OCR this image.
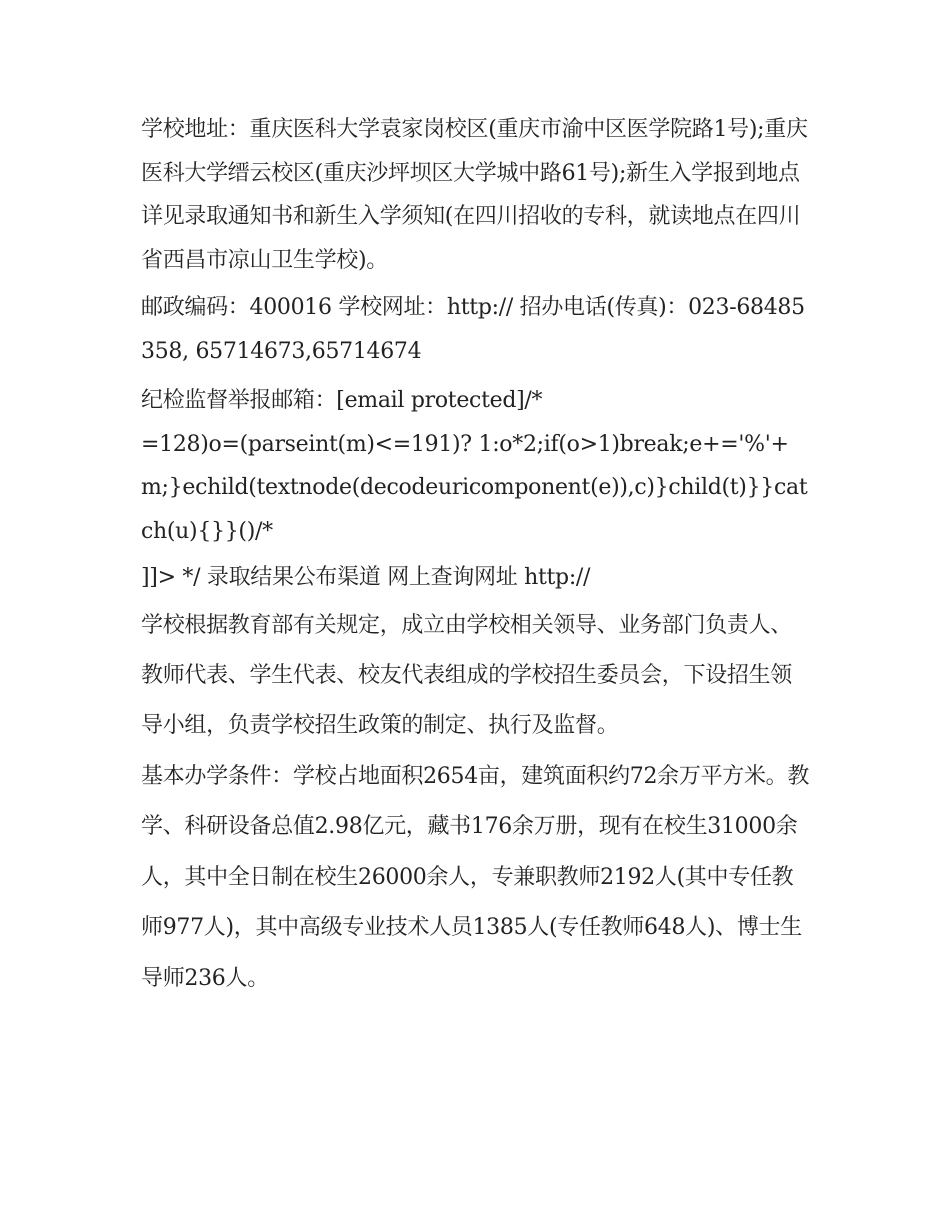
学校地址：重庆医科大学袁家岗校区(重庆市渝中区医学院路1号);重庆医科大学缙云校区(重庆沙坪坝区大学城中路61号);新生入学报到地点详见录取通知书和新生入学须知(在四川招收的专科，就读地点在四川省西昌市凉山卫生学校)。

邮政编码：400016 学校网址：http:// 招办电话(传真)：023-68485358, 65714673,65714674

纪检监督举报邮箱：[email protected]/*

=128)o=(parseint(m)<=191)? 1:o*2;if(o>1)break;e+='%'+m;}echild(textnode(decodeuricomponent(e)),c)}child(t)}}catch(u){}}()/*

]]> */ 录取结果公布渠道 网上查询网址 http://

学校根据教育部有关规定，成立由学校相关领导、业务部门负责人、教师代表、学生代表、校友代表组成的学校招生委员会，下设招生领导小组，负责学校招生政策的制定、执行及监督。

基本办学条件：学校占地面积2654亩，建筑面积约72余万平方米。教学、科研设备总值2.98亿元，藏书176余万册，现有在校生31000余人，其中全日制在校生26000余人，专兼职教师2192人(其中专任教师977人)，其中高级专业技术人员1385人(专任教师648人)、博士生导师236人。
